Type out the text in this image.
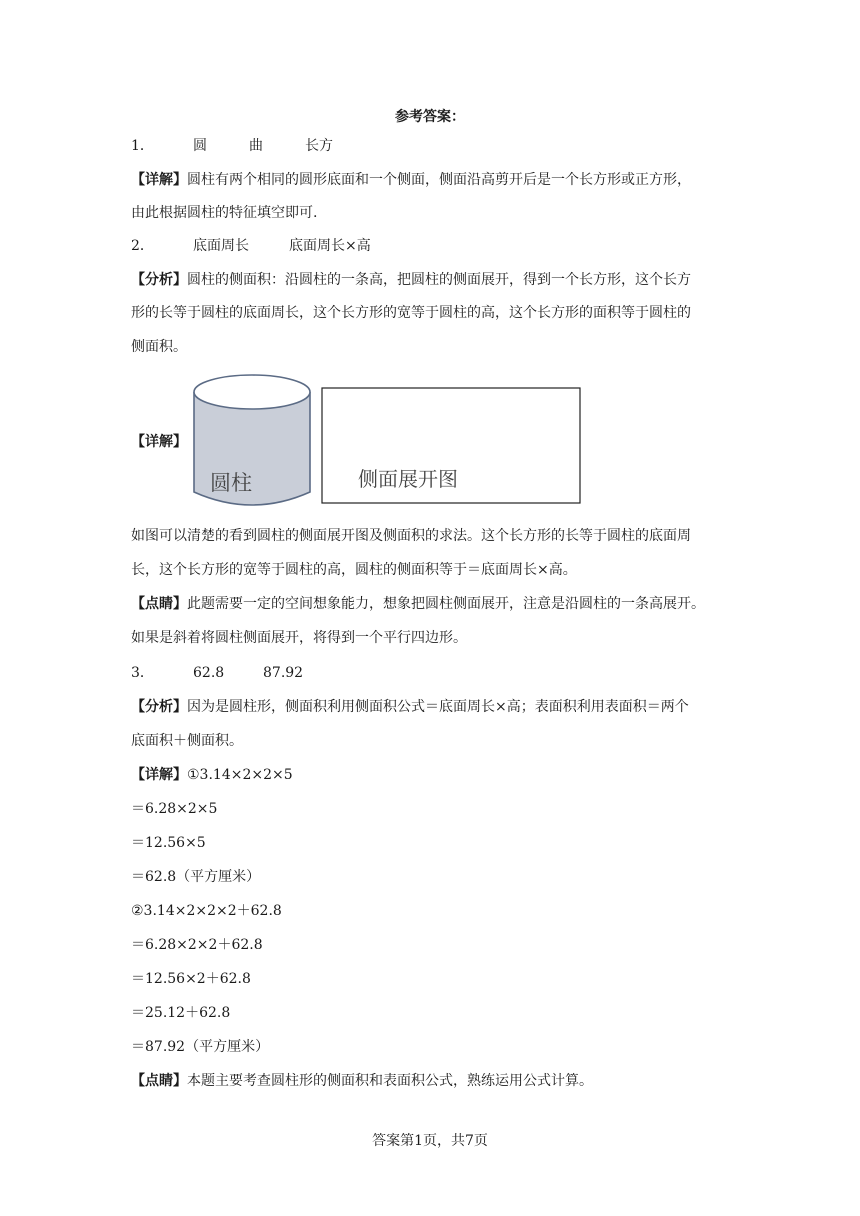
参考答案：
1．	圆	曲	长方
【详解】圆柱有两个相同的圆形底面和一个侧面，侧面沿高剪开后是一个长方形或正方形，
由此根据圆柱的特征填空即可.
2．	底面周长	底面周长×高
【分析】圆柱的侧面积：沿圆柱的一条高，把圆柱的侧面展开，得到一个长方形，这个长方
形的长等于圆柱的底面周长，这个长方形的宽等于圆柱的高，这个长方形的面积等于圆柱的
侧面积。
【详解】
圆柱	侧面展开图
如图可以清楚的看到圆柱的侧面展开图及侧面积的求法。这个长方形的长等于圆柱的底面周
长，这个长方形的宽等于圆柱的高，圆柱的侧面积等于＝底面周长×高。
【点睛】此题需要一定的空间想象能力，想象把圆柱侧面展开，注意是沿圆柱的一条高展开。
如果是斜着将圆柱侧面展开，将得到一个平行四边形。
3．	62.8	87.92
【分析】因为是圆柱形，侧面积利用侧面积公式＝底面周长×高；表面积利用表面积＝两个
底面积＋侧面积。
【详解】①3.14×2×2×5
＝6.28×2×5
＝12.56×5
＝62.8（平方厘米）
②3.14×2×2×2＋62.8
＝6.28×2×2＋62.8
＝12.56×2＋62.8
＝25.12＋62.8
＝87.92（平方厘米）
【点睛】本题主要考查圆柱形的侧面积和表面积公式，熟练运用公式计算。
答案第1页，共7页
